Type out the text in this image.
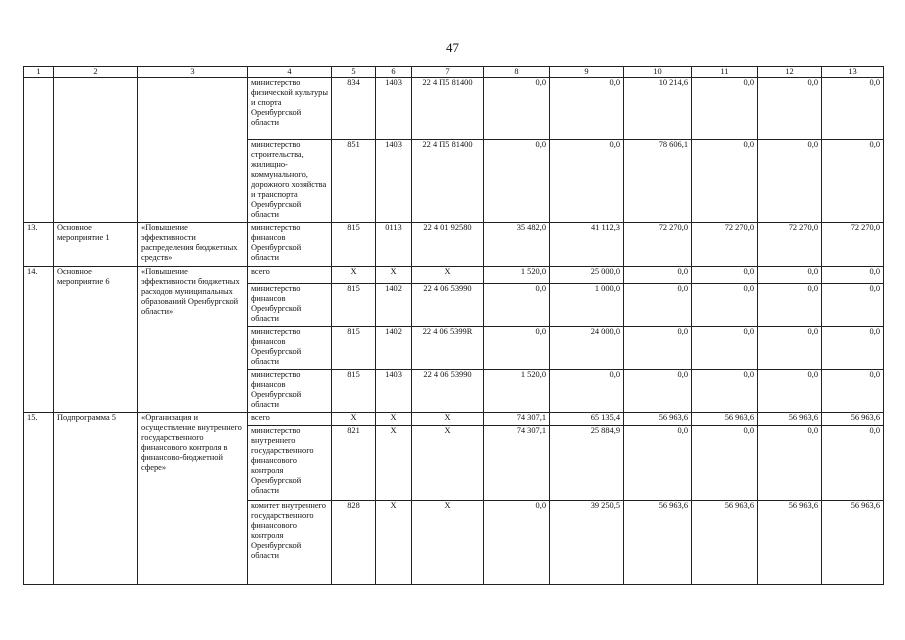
47
1	2	3	4	5	6	7	8	9	10	11	12	13
			министерство физической культуры и спорта Оренбургской области	834	1403	22 4 П5 81400	0,0	0,0	10 214,6	0,0	0,0	0,0
			министерство строительства, жилищно-коммунального, дорожного хозяйства и транспорта Оренбургской области	851	1403	22 4 П5 81400	0,0	0,0	78 606,1	0,0	0,0	0,0
13.	Основное мероприятие 1	«Повышение эффективности распределения бюджетных средств»	министерство финансов Оренбургской области	815	0113	22 4 01 92580	35 482,0	41 112,3	72 270,0	72 270,0	72 270,0	72 270,0
14.	Основное мероприятие 6	«Повышение эффективности бюджетных расходов муниципальных образований Оренбургской области»	всего	X	X	X	1 520,0	25 000,0	0,0	0,0	0,0	0,0
			министерство финансов Оренбургской области	815	1402	22 4 06 53990	0,0	1 000,0	0,0	0,0	0,0	0,0
			министерство финансов Оренбургской области	815	1402	22 4 06 5399R	0,0	24 000,0	0,0	0,0	0,0	0,0
			министерство финансов Оренбургской области	815	1403	22 4 06 53990	1 520,0	0,0	0,0	0,0	0,0	0,0
15.	Подпрограмма 5	«Организация и осуществление внутреннего государственного финансового контроля в финансово-бюджетной сфере»	всего	X	X	X	74 307,1	65 135,4	56 963,6	56 963,6	56 963,6	56 963,6
			министерство внутреннего государственного финансового контроля Оренбургской области	821	X	X	74 307,1	25 884,9	0,0	0,0	0,0	0,0
			комитет внутреннего государственного финансового контроля Оренбургской области	828	X	X	0,0	39 250,5	56 963,6	56 963,6	56 963,6	56 963,6
